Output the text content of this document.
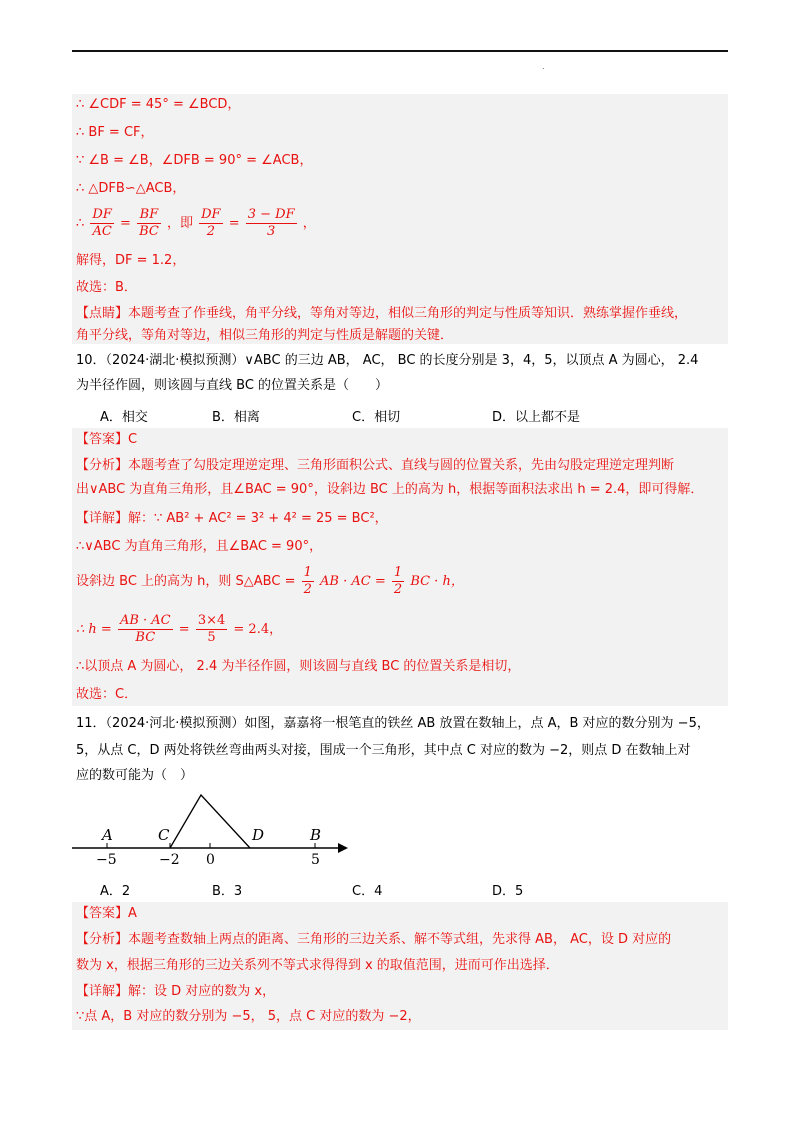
.
∴ ∠CDF = 45° = ∠BCD，
∴ BF = CF，
∵ ∠B = ∠B，∠DFB = 90° = ∠ACB，
∴ △DFB∽△ACB，
∴ $\frac{DF}{AC} = \frac{BF}{BC}$ ，即 $\frac{DF}{2} = \frac{3 - DF}{3}$ ，
解得，DF = 1.2，
故选：B．
【点睛】本题考查了作垂线，角平分线，等角对等边，相似三角形的判定与性质等知识．熟练掌握作垂线，
角平分线，等角对等边，相似三角形的判定与性质是解题的关键．
10．（2024·湖北·模拟预测）∨ABC 的三边 AB， AC， BC 的长度分别是 3，4，5，以顶点 A 为圆心， 2.4
为半径作圆，则该圆与直线 BC 的位置关系是（　　）
A．相交	B．相离	C．相切	D．以上都不是
【答案】C
【分析】本题考查了勾股定理逆定理、三角形面积公式、直线与圆的位置关系，先由勾股定理逆定理判断
出∨ABC 为直角三角形，且∠BAC = 90°，设斜边 BC 上的高为 h，根据等面积法求出 h = 2.4，即可得解．
【详解】解：∵ AB² + AC² = 3² + 4² = 25 = BC²，
∴∨ABC 为直角三角形，且∠BAC = 90°，
设斜边 BC 上的高为 h，则 S△ABC = $\frac{1}{2}$ AB · AC = $\frac{1}{2}$ BC · h，
∴ $h = \frac{AB \cdot AC}{BC} = \frac{3\times 4}{5} = 2.4$，
∴以顶点 A 为圆心， 2.4 为半径作圆，则该圆与直线 BC 的位置关系是相切，
故选：C．
11．（2024·河北·模拟预测）如图，嘉嘉将一根笔直的铁丝 AB 放置在数轴上，点 A，B 对应的数分别为 −5，
5，从点 C，D 两处将铁丝弯曲两头对接，围成一个三角形，其中点 C 对应的数为 −2，则点 D 在数轴上对
应的数可能为（　）
A	C	D	B
−5	−2 0	5
A．2	B．3	C．4	D．5
【答案】A
【分析】本题考查数轴上两点的距离、三角形的三边关系、解不等式组，先求得 AB， AC，设 D 对应的
数为 x，根据三角形的三边关系列不等式求得得到 x 的取值范围，进而可作出选择．
【详解】解：设 D 对应的数为 x，
∵点 A，B 对应的数分别为 −5， 5，点 C 对应的数为 −2，
